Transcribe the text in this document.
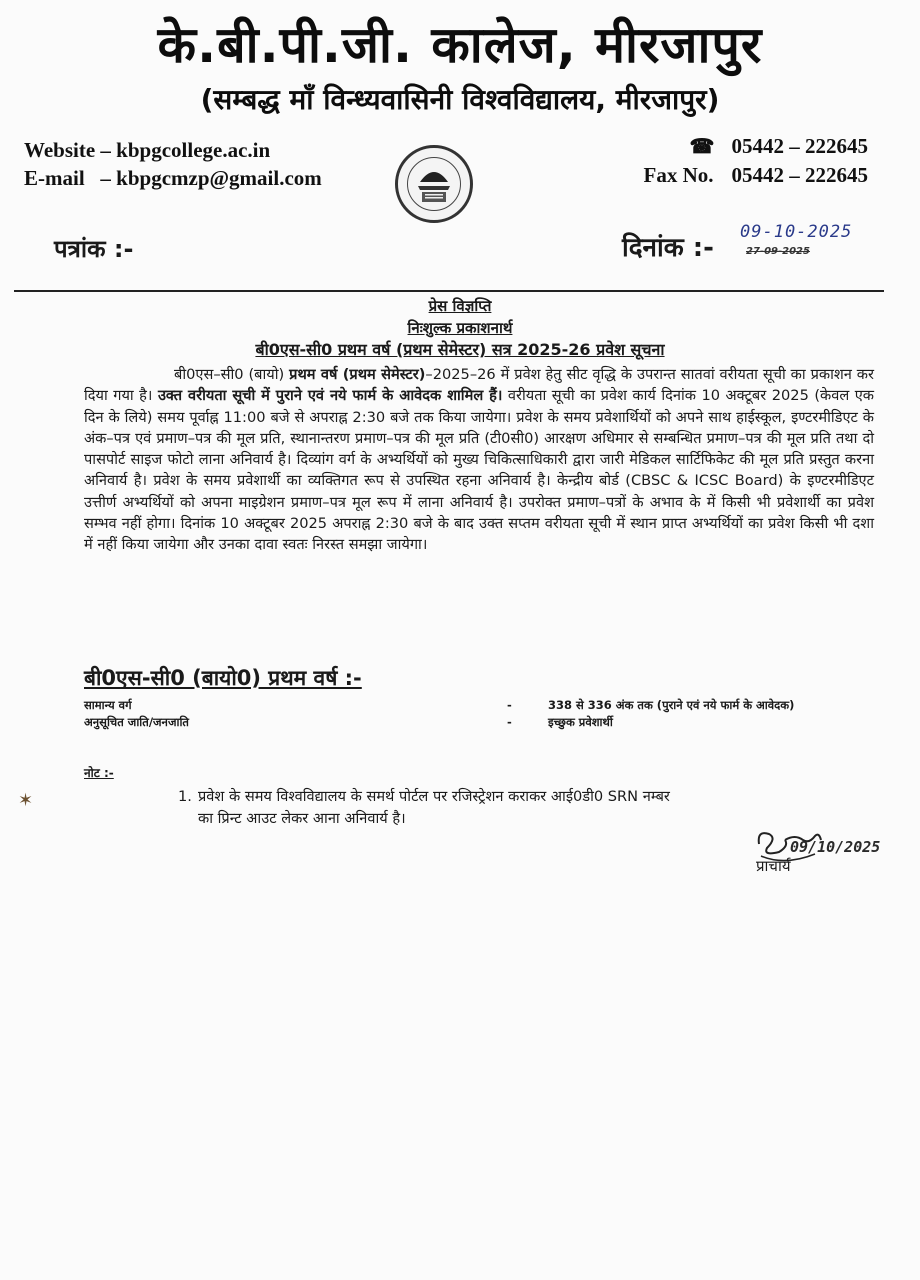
के.बी.पी.जी. कालेज, मीरजापुर
(सम्बद्ध माँ विन्ध्यवासिनी विश्वविद्यालय, मीरजापुर)
Website – kbpgcollege.ac.in
E-mail   – kbpgcmzp@gmail.com
☎ 05442 – 222645
Fax No. 05442 – 222645
पत्रांक :-	दिनांक :-
09-10-2025
27-09-2025
प्रेस विज्ञप्ति
निःशुल्क प्रकाशनार्थ
बी0एस-सी0 प्रथम वर्ष (प्रथम सेमेस्टर) सत्र 2025-26 प्रवेश सूचना
बी0एस–सी0 (बायो) प्रथम वर्ष (प्रथम सेमेस्टर)–2025–26 में प्रवेश हेतु सीट वृद्धि के उपरान्त सातवां वरीयता सूची का प्रकाशन कर दिया गया है। उक्त वरीयता सूची में पुराने एवं नये फार्म के आवेदक शामिल हैं। वरीयता सूची का प्रवेश कार्य दिनांक 10 अक्टूबर 2025 (केवल एक दिन के लिये) समय पूर्वाह्न 11:00 बजे से अपराह्न 2:30 बजे तक किया जायेगा। प्रवेश के समय प्रवेशार्थियों को अपने साथ हाईस्कूल, इण्टरमीडिएट के अंक–पत्र एवं प्रमाण–पत्र की मूल प्रति, स्थानान्तरण प्रमाण–पत्र की मूल प्रति (टी0सी0) आरक्षण अधिमार से सम्बन्धित प्रमाण–पत्र की मूल प्रति तथा दो पासपोर्ट साइज फोटो लाना अनिवार्य है। दिव्यांग वर्ग के अभ्यर्थियों को मुख्य चिकित्साधिकारी द्वारा जारी मेडिकल सार्टिफिकेट की मूल प्रति प्रस्तुत करना अनिवार्य है। प्रवेश के समय प्रवेशार्थी का व्यक्तिगत रूप से उपस्थित रहना अनिवार्य है। केन्द्रीय बोर्ड (CBSC & ICSC Board) के इण्टरमीडिएट उत्तीर्ण अभ्यर्थियों को अपना माइग्रेशन प्रमाण–पत्र मूल रूप में लाना अनिवार्य है। उपरोक्त प्रमाण–पत्रों के अभाव के में किसी भी प्रवेशार्थी का प्रवेश सम्भव नहीं होगा। दिनांक 10 अक्टूबर 2025 अपराह्न 2:30 बजे के बाद उक्त सप्तम वरीयता सूची में स्थान प्राप्त अभ्यर्थियों का प्रवेश किसी भी दशा में नहीं किया जायेगा और उनका दावा स्वतः निरस्त समझा जायेगा।
बी0एस-सी0 (बायो0) प्रथम वर्ष :-
सामान्य वर्ग	-	338 से 336 अंक तक (पुराने एवं नये फार्म के आवेदक)
अनुसूचित जाति/जनजाति	-	इच्छुक प्रवेशार्थी
नोट :-
✶	1. प्रवेश के समय विश्वविद्यालय के समर्थ पोर्टल पर रजिस्ट्रेशन कराकर आई0डी0 SRN नम्बर
का प्रिन्ट आउट लेकर आना अनिवार्य है।
09/10/2025
प्राचार्य
